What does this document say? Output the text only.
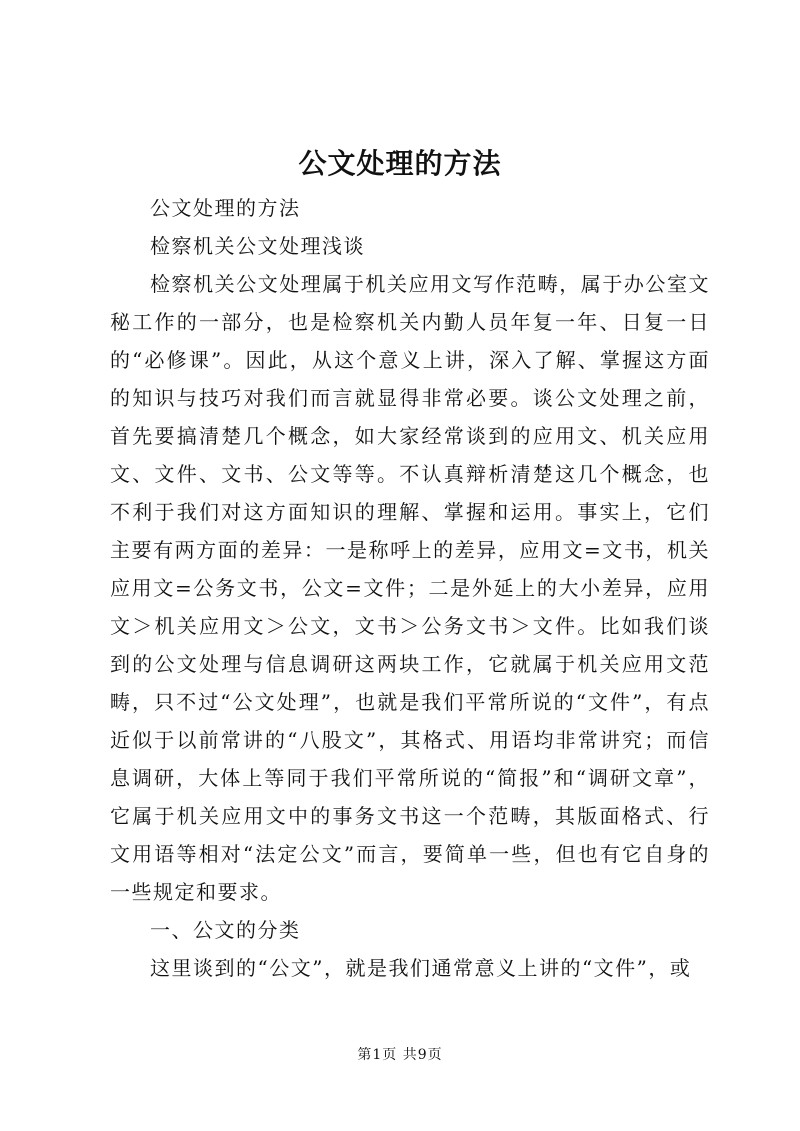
公文处理的方法
公文处理的方法
检察机关公文处理浅谈
检察机关公文处理属于机关应用文写作范畴，属于办公室文秘工作的一部分，也是检察机关内勤人员年复一年、日复一日的“必修课”。因此，从这个意义上讲，深入了解、掌握这方面的知识与技巧对我们而言就显得非常必要。谈公文处理之前，首先要搞清楚几个概念，如大家经常谈到的应用文、机关应用文、文件、文书、公文等等。不认真辩析清楚这几个概念，也不利于我们对这方面知识的理解、掌握和运用。事实上，它们主要有两方面的差异：一是称呼上的差异，应用文=文书，机关应用文=公务文书，公文=文件；二是外延上的大小差异，应用文＞机关应用文＞公文，文书＞公务文书＞文件。比如我们谈到的公文处理与信息调研这两块工作，它就属于机关应用文范畴，只不过“公文处理”，也就是我们平常所说的“文件”，有点近似于以前常讲的“八股文”，其格式、用语均非常讲究；而信息调研，大体上等同于我们平常所说的“简报”和“调研文章”，它属于机关应用文中的事务文书这一个范畴，其版面格式、行文用语等相对“法定公文”而言，要简单一些，但也有它自身的一些规定和要求。
一、公文的分类
这里谈到的“公文”，就是我们通常意义上讲的“文件”，或
第1页 共9页
